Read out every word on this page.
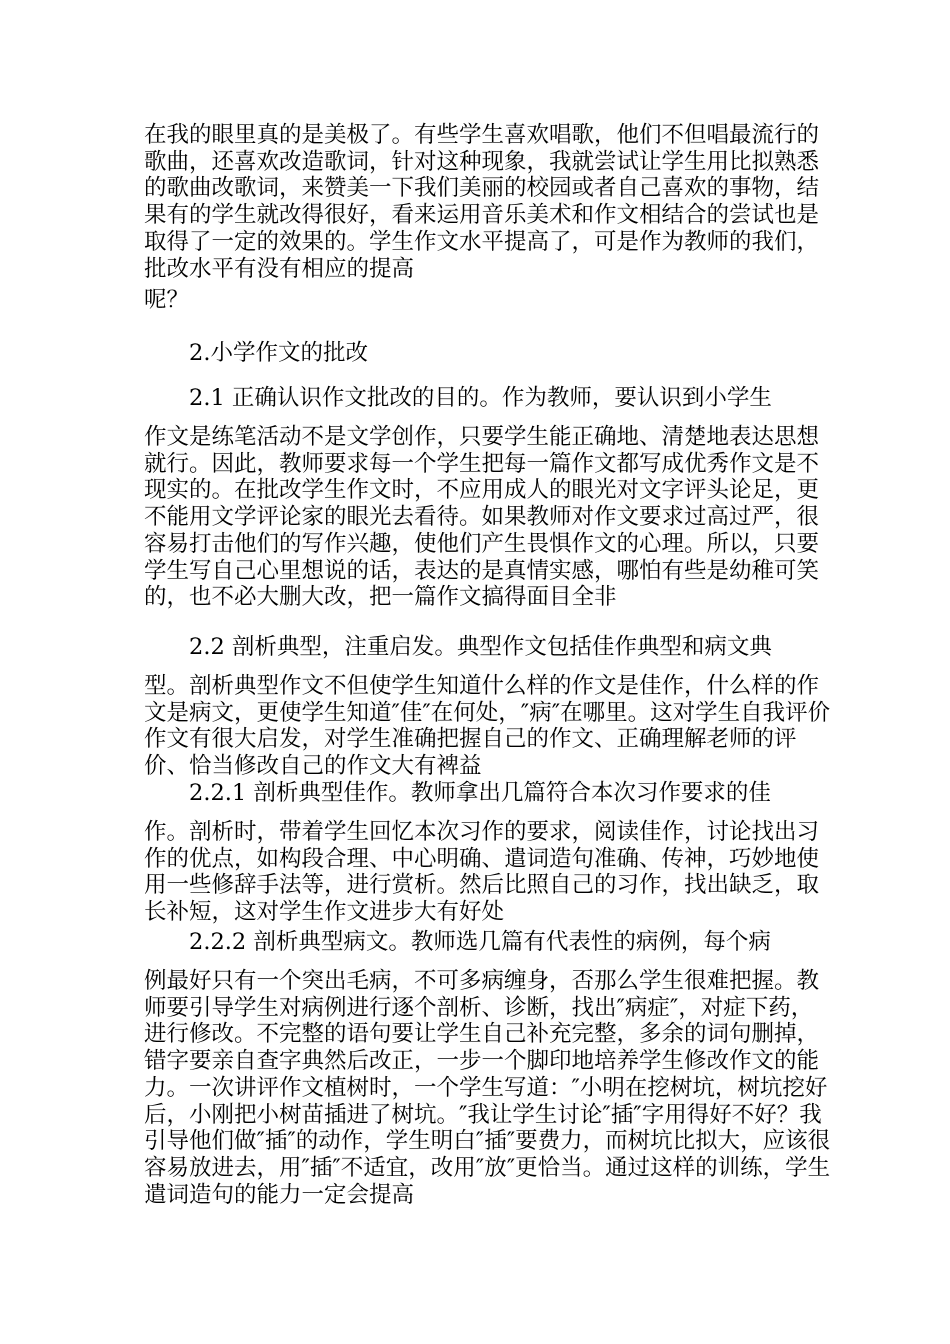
在我的眼里真的是美极了。有些学生喜欢唱歌，他们不但唱最流行的歌曲，还喜欢改造歌词，针对这种现象，我就尝试让学生用比拟熟悉的歌曲改歌词，来赞美一下我们美丽的校园或者自己喜欢的事物，结果有的学生就改得很好，看来运用音乐美术和作文相结合的尝试也是取得了一定的效果的。学生作文水平提高了，可是作为教师的我们，批改水平有没有相应的提高

呢？

2.小学作文的批改

2.1 正确认识作文批改的目的。作为教师，要认识到小学生

作文是练笔活动不是文学创作，只要学生能正确地、清楚地表达思想就行。因此，教师要求每一个学生把每一篇作文都写成优秀作文是不现实的。在批改学生作文时，不应用成人的眼光对文字评头论足，更不能用文学评论家的眼光去看待。如果教师对作文要求过高过严，很容易打击他们的写作兴趣，使他们产生畏惧作文的心理。所以，只要学生写自己心里想说的话，表达的是真情实感，哪怕有些是幼稚可笑的，也不必大删大改，把一篇作文搞得面目全非

2.2 剖析典型，注重启发。典型作文包括佳作典型和病文典

型。剖析典型作文不但使学生知道什么样的作文是佳作，什么样的作文是病文，更使学生知道″佳″在何处，″病″在哪里。这对学生自我评价作文有很大启发，对学生准确把握自己的作文、正确理解老师的评价、恰当修改自己的作文大有裨益

2.2.1 剖析典型佳作。教师拿出几篇符合本次习作要求的佳

作。剖析时，带着学生回忆本次习作的要求，阅读佳作，讨论找出习作的优点，如构段合理、中心明确、遣词造句准确、传神，巧妙地使用一些修辞手法等，进行赏析。然后比照自己的习作，找出缺乏，取长补短，这对学生作文进步大有好处

2.2.2 剖析典型病文。教师选几篇有代表性的病例，每个病

例最好只有一个突出毛病，不可多病缠身，否那么学生很难把握。教师要引导学生对病例进行逐个剖析、诊断，找出″病症″，对症下药，进行修改。不完整的语句要让学生自己补充完整，多余的词句删掉，错字要亲自查字典然后改正，一步一个脚印地培养学生修改作文的能力。一次讲评作文植树时，一个学生写道：″小明在挖树坑，树坑挖好后，小刚把小树苗插进了树坑。″我让学生讨论″插″字用得好不好？我引导他们做″插″的动作，学生明白″插″要费力，而树坑比拟大，应该很容易放进去，用″插″不适宜，改用″放″更恰当。通过这样的训练，学生遣词造句的能力一定会提高
